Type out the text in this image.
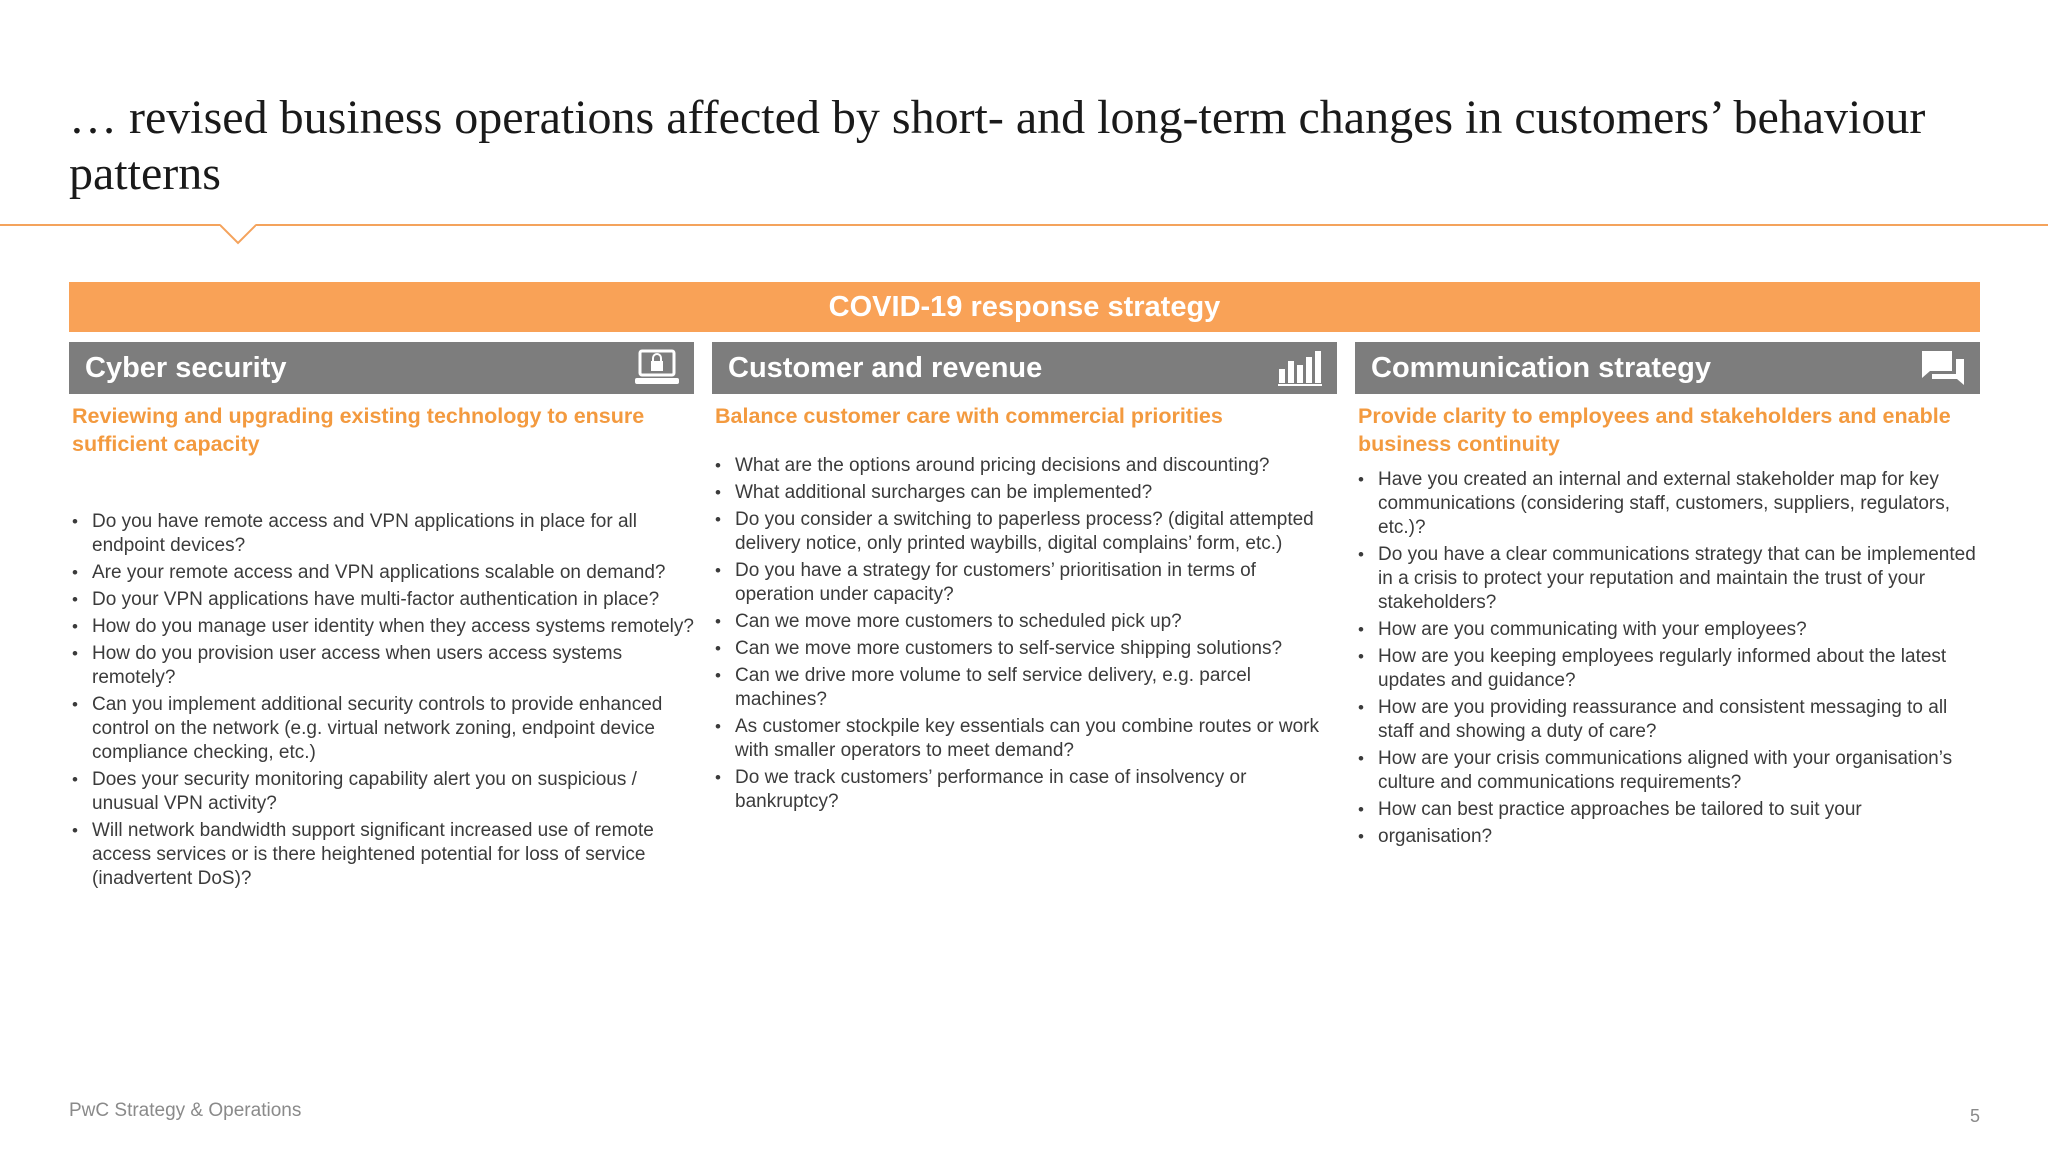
… revised business operations affected by short- and long-term changes in customers’ behaviour patterns
COVID-19 response strategy
Cyber security
Reviewing and upgrading existing technology to ensure sufficient capacity
• Do you have remote access and VPN applications in place for all endpoint devices?
• Are your remote access and VPN applications scalable on demand?
• Do your VPN applications have multi-factor authentication in place?
• How do you manage user identity when they access systems remotely?
• How do you provision user access when users access systems remotely?
• Can you implement additional security controls to provide enhanced control on the network (e.g. virtual network zoning, endpoint device compliance checking, etc.)
• Does your security monitoring capability alert you on suspicious / unusual VPN activity?
• Will network bandwidth support significant increased use of remote access services or is there heightened potential for loss of service (inadvertent DoS)?
Customer and revenue
Balance customer care with commercial priorities
• What are the options around pricing decisions and discounting?
• What additional surcharges can be implemented?
• Do you consider a switching to paperless process? (digital attempted delivery notice, only printed waybills, digital complains’ form, etc.)
• Do you have a strategy for customers’ prioritisation in terms of operation under capacity?
• Can we move more customers to scheduled pick up?
• Can we move more customers to self-service shipping solutions?
• Can we drive more volume to self service delivery, e.g. parcel machines?
• As customer stockpile key essentials can you combine routes or work with smaller operators to meet demand?
• Do we track customers’ performance in case of insolvency or bankruptcy?
Communication strategy
Provide clarity to employees and stakeholders and enable business continuity
• Have you created an internal and external stakeholder map for key communications (considering staff, customers, suppliers, regulators, etc.)?
• Do you have a clear communications strategy that can be implemented in a crisis to protect your reputation and maintain the trust of your stakeholders?
• How are you communicating with your employees?
• How are you keeping employees regularly informed about the latest updates and guidance?
• How are you providing reassurance and consistent messaging to all staff and showing a duty of care?
• How are your crisis communications aligned with your organisation’s culture and communications requirements?
• How can best practice approaches be tailored to suit your
• organisation?
PwC Strategy & Operations	5
